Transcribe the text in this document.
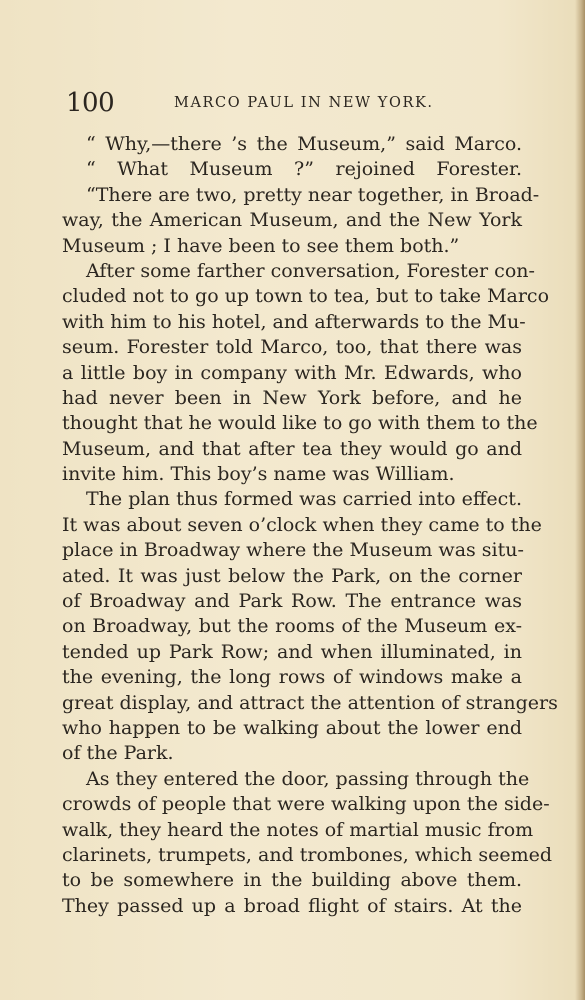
100	MARCO PAUL IN NEW YORK.
“ Why,—there ’s the Museum,” said Marco.
“ What Museum ?” rejoined Forester.
“There are two, pretty near together, in Broad-
way, the American Museum, and the New York
Museum ; I have been to see them both.”
After some farther conversation, Forester con-
cluded not to go up town to tea, but to take Marco
with him to his hotel, and afterwards to the Mu-
seum. Forester told Marco, too, that there was
a little boy in company with Mr. Edwards, who
had never been in New York before, and he
thought that he would like to go with them to the
Museum, and that after tea they would go and
invite him. This boy’s name was William.
The plan thus formed was carried into effect.
It was about seven o’clock when they came to the
place in Broadway where the Museum was situ-
ated. It was just below the Park, on the corner
of Broadway and Park Row. The entrance was
on Broadway, but the rooms of the Museum ex-
tended up Park Row; and when illuminated, in
the evening, the long rows of windows make a
great display, and attract the attention of strangers
who happen to be walking about the lower end
of the Park.
As they entered the door, passing through the
crowds of people that were walking upon the side-
walk, they heard the notes of martial music from
clarinets, trumpets, and trombones, which seemed
to be somewhere in the building above them.
They passed up a broad flight of stairs. At the
